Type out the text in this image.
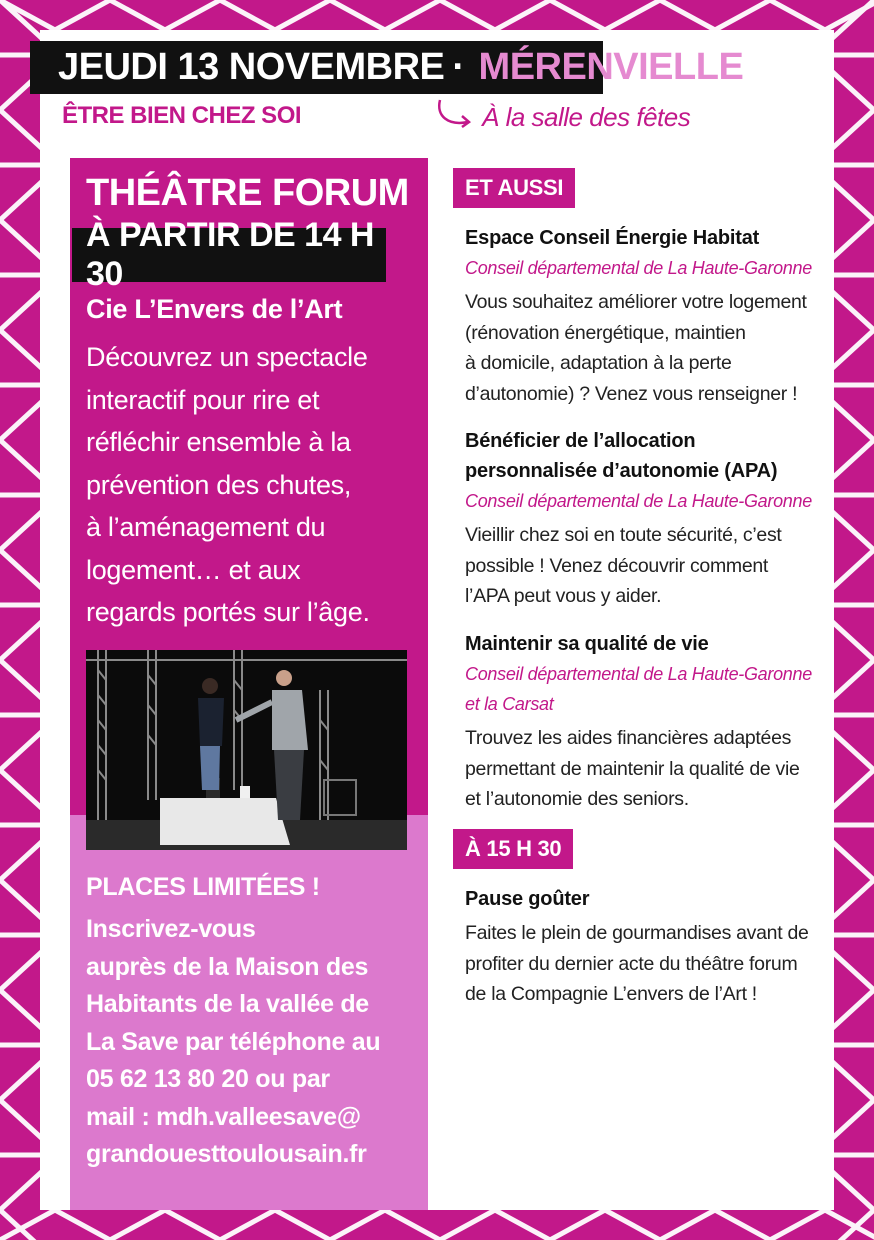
JEUDI 13 NOVEMBRE · MÉRENVIELLE
ÊTRE BIEN CHEZ SOI	À la salle des fêtes
THÉÂTRE FORUM
À PARTIR DE 14 H 30
Cie L’Envers de l’Art
Découvrez un spectacle
interactif pour rire et
réfléchir ensemble à la
prévention des chutes,
à l’aménagement du
logement… et aux
regards portés sur l’âge.
PLACES LIMITÉES !
Inscrivez-vous
auprès de la Maison des
Habitants de la vallée de
La Save par téléphone au
05 62 13 80 20 ou par
mail : mdh.valleesave@
grandouesttoulousain.fr
ET AUSSI
Espace Conseil Énergie Habitat
Conseil départemental de La Haute-Garonne
Vous souhaitez améliorer votre logement
(rénovation énergétique, maintien
à domicile, adaptation à la perte
d’autonomie) ? Venez vous renseigner !
Bénéficier de l’allocation
personnalisée d’autonomie (APA)
Conseil départemental de La Haute-Garonne
Vieillir chez soi en toute sécurité, c’est
possible ! Venez découvrir comment
l’APA peut vous y aider.
Maintenir sa qualité de vie
Conseil départemental de La Haute-Garonne
et la Carsat
Trouvez les aides financières adaptées
permettant de maintenir la qualité de vie
et l’autonomie des seniors.
À 15 H 30
Pause goûter
Faites le plein de gourmandises avant de
profiter du dernier acte du théâtre forum
de la Compagnie L’envers de l’Art !
